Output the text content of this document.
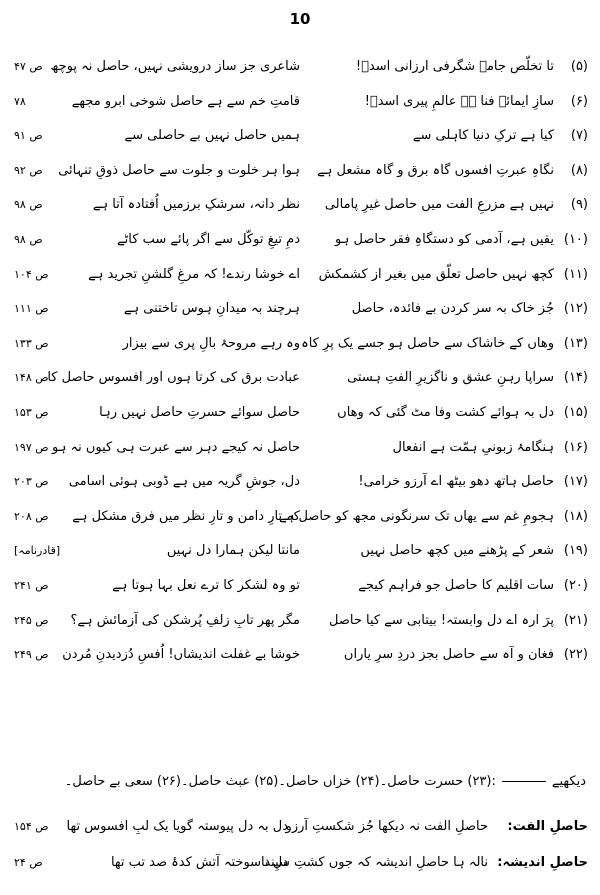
10
(۵)
تا تخلّص جامۂ شگرفی ارزانی اسدؔ!
شاعری جز ساز درویشی نہیں، حاصل نہ پوچھ
ص ۴۷
(۶)
سازِ ایمائے فنا ہے عالمِ پیری اسدؔ!
قامتِ خم سے ہے حاصل شوخی ابرو مجھے
۷۸
(۷)
کیا ہے ترکِ دنیا کاہلی سے
ہمیں حاصل نہیں بے حاصلی سے
ص ۹۱
(۸)
نگاہِ عبرتِ افسوں گاہ برق و گاہ مشعل ہے
ہوا ہر خلوت و جلوت سے حاصل ذوقِ تنہائی
ص ۹۲
(۹)
نہیں ہے مزرعِ الفت میں حاصل غیرِ پامالی
نظر دانہ، سرشکِ برزمیں اُفتادہ آتا ہے
ص ۹۸
(۱۰)
یقیں ہے، آدمی کو دستگاہِ فقر حاصل ہو
دمِ تیغِ توکّل سے اگر پائے سب کاٹے
ص ۹۸
(۱۱)
کچھ نہیں حاصل تعلّق میں بغیر از کشمکش
اے خوشا رندے! کہ مرغِ گلشنِ تجرید ہے
ص ۱۰۴
(۱۲)
جُز خاک بہ سر کردن بے فائدہ، حاصل
ہرچند بہ میدانِ ہوس تاختنی ہے
ص ۱۱۱
(۱۳)
وھاں کے خاشاک سے حاصل ہو جسے یک پرِ کاہ
وہ رہے مروحۂ بالِ پری سے بیزار
ص ۱۳۳
(۱۴)
سراپا رہنِ عشق و ناگزیرِ الفتِ ہستی
عبادت برق کی کرتا ہوں اور افسوس حاصل کا
ص ۱۴۸
(۱۵)
دل بہ ہوائے کشت وفا مٹ گئی کہ وھاں
حاصل سوائے حسرتِ حاصل نہیں رہا
ص ۱۵۳
(۱۶)
ہنگامۂ زبونیِ ہمّت ہے انفعال
حاصل نہ کیجے دہر سے عبرت ہی کیوں نہ ہو
ص ۱۹۷
(۱۷)
حاصل ہاتھ دھو بیٹھ اے آرزو خرامی!
دل، جوشِ گریہ میں ہے ڈوبی ہوئی اسامی
ص ۲۰۳
(۱۸)
ہجومِ غم سے یھاں تک سرنگونی مجھ کو حاصل ہے
کہ تارِ دامن و تارِ نظر میں فرق مشکل ہے
ص ۲۰۸
(۱۹)
شعر کے پڑھنے میں کچھ حاصل نہیں
مانتا لیکن ہمارا دل نہیں
[قادرنامہ]
(۲۰)
سات اقلیم کا حاصل جو فراہم کیجے
تو وہ لشکر کا ترے نعل بہا ہوتا ہے
ص ۲۴۱
(۲۱)
پرَ ارہ اے دل وابستہ! بیتابی سے کیا حاصل
مگر پھر تابِ زلفِ پُرشکن کی آزمائش ہے؟
ص ۲۴۵
(۲۲)
فغان و آہ سے حاصل بجز دردِ سرِ یاراں
خوشا بے غفلت اندیشاں! اُفسِ دُزدیدنِ مُردن
ص ۲۴۹
دیکھیے:(۲۳) حسرت حاصل۔(۲۴) خزاں حاصل۔(۲۵) عبث حاصل۔(۲۶) سعی بے حاصل۔
حاصلِ الفت:
حاصلِ الفت نہ دیکھا جُز شکستِ آرزو
دل بہ دل پیوستہ گویا یک لبِ افسوس تھا
ص ۱۵۴
حاصلِ اندیشہ:
نالہ ہا حاصلِ اندیشہ کہ جوں کشتِ سپند
دلِ ناسوختہ آتش کدۂ صد تب تھا
ص ۲۴
